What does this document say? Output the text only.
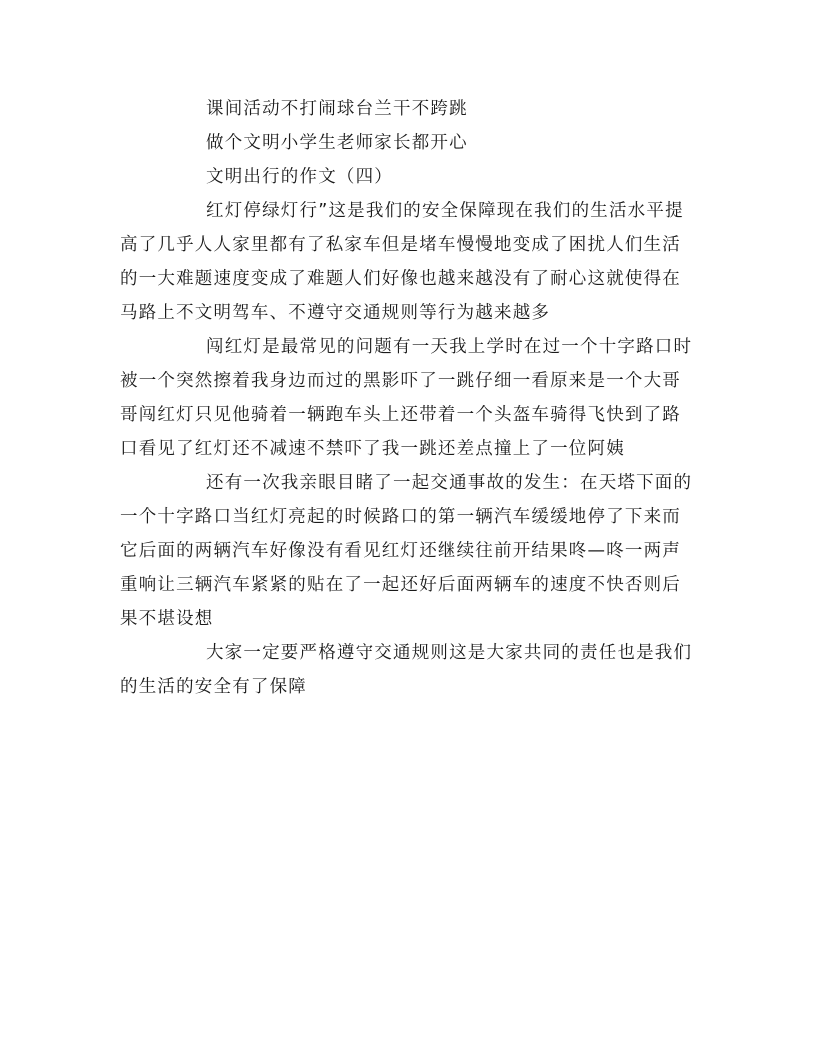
课间活动不打闹球台兰干不跨跳
做个文明小学生老师家长都开心
文明出行的作文（四）
红灯停绿灯行”这是我们的安全保障现在我们的生活水平提
高了几乎人人家里都有了私家车但是堵车慢慢地变成了困扰人们生活
的一大难题速度变成了难题人们好像也越来越没有了耐心这就使得在
马路上不文明驾车、不遵守交通规则等行为越来越多
闯红灯是最常见的问题有一天我上学时在过一个十字路口时
被一个突然擦着我身边而过的黑影吓了一跳仔细一看原来是一个大哥
哥闯红灯只见他骑着一辆跑车头上还带着一个头盔车骑得飞快到了路
口看见了红灯还不减速不禁吓了我一跳还差点撞上了一位阿姨
还有一次我亲眼目睹了一起交通事故的发生：在天塔下面的
一个十字路口当红灯亮起的时候路口的第一辆汽车缓缓地停了下来而
它后面的两辆汽车好像没有看见红灯还继续往前开结果咚—咚一两声
重响让三辆汽车紧紧的贴在了一起还好后面两辆车的速度不快否则后
果不堪设想
大家一定要严格遵守交通规则这是大家共同的责任也是我们
的生活的安全有了保障
